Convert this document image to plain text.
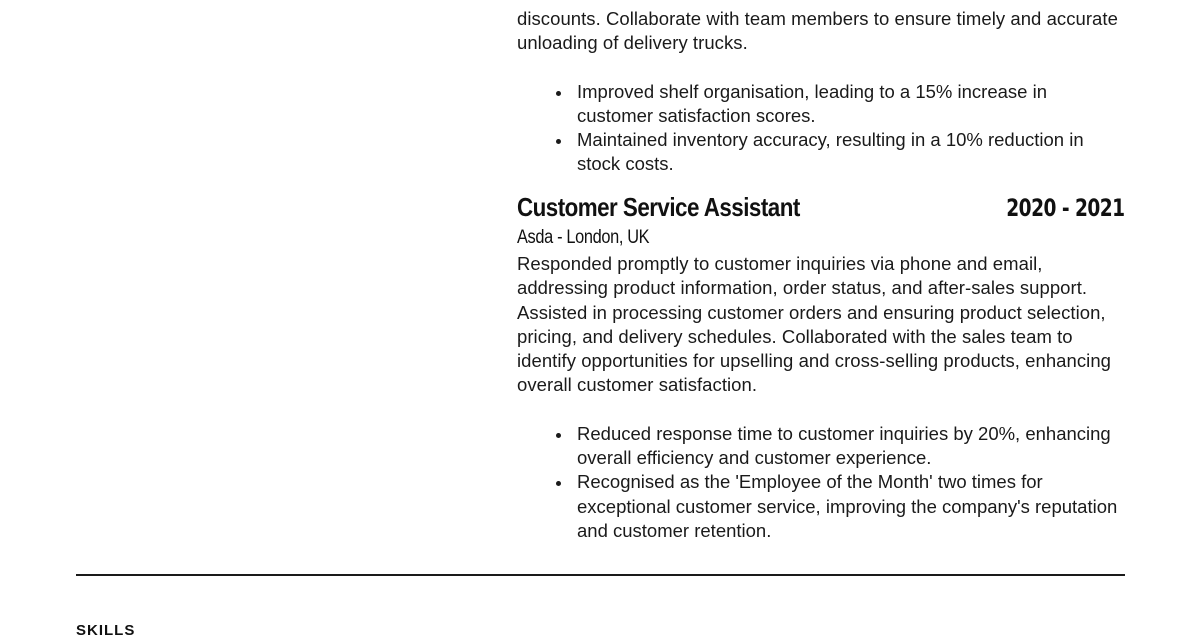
discounts. Collaborate with team members to ensure timely and accurate

unloading of delivery trucks.

Improved shelf organisation, leading to a 15% increase in customer satisfaction scores.
Maintained inventory accuracy, resulting in a 10% reduction in stock costs.
Customer Service Assistant	2020 - 2021
Asda - London, UK

Responded promptly to customer inquiries via phone and email, addressing product information, order status, and after-sales support. Assisted in processing customer orders and ensuring product selection, pricing, and delivery schedules. Collaborated with the sales team to identify opportunities for upselling and cross-selling products, enhancing overall customer satisfaction.

Reduced response time to customer inquiries by 20%, enhancing overall efficiency and customer experience.
Recognised as the 'Employee of the Month' two times for exceptional customer service, improving the company's reputation and customer retention.
SKILLS
